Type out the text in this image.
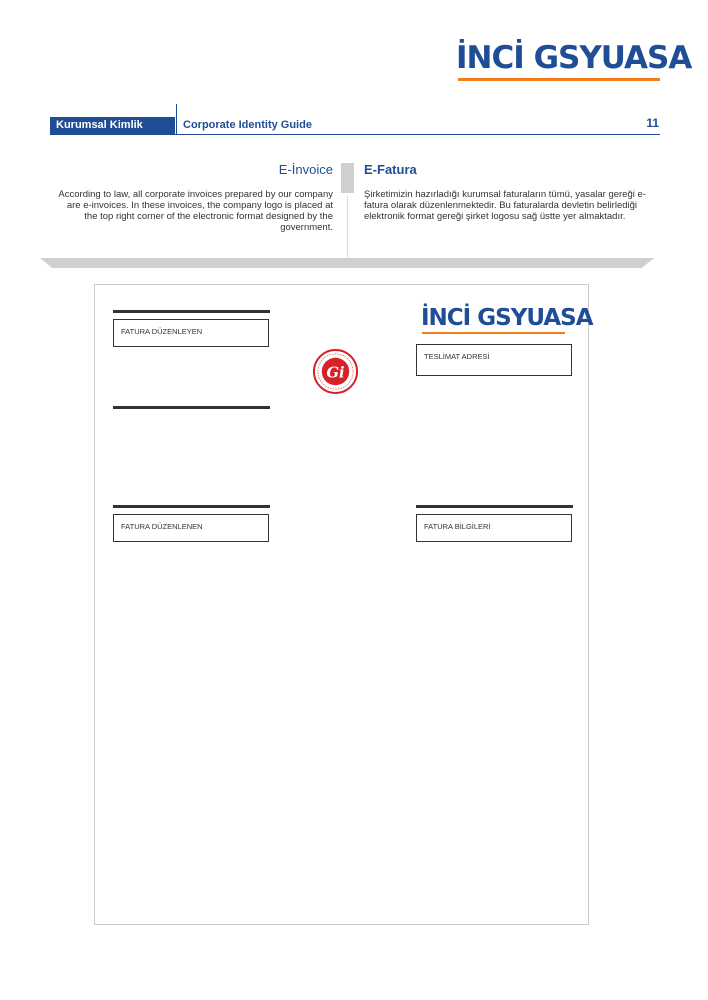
İNCİ GSYUASA
Kurumsal Kimlik Kılavuzu
Corporate Identity Guide	11
E-İnvoice
According to law, all corporate invoices prepared by our company are e-invoices. In these invoices, the company logo is placed at the top right corner of the electronic format designed by the government.
E-Fatura
Şirketimizin hazırladığı kurumsal faturaların tümü, yasalar gereği e-fatura olarak düzenlenmektedir. Bu faturalarda devletin belirlediği elektronik format gereği şirket logosu sağ üstte yer almaktadır.
FATURA DÜZENLEYEN
İNCİ GSYUASA
TESLİMAT ADRESİ
Gi
FATURA DÜZENLENEN	FATURA BİLGİLERİ
